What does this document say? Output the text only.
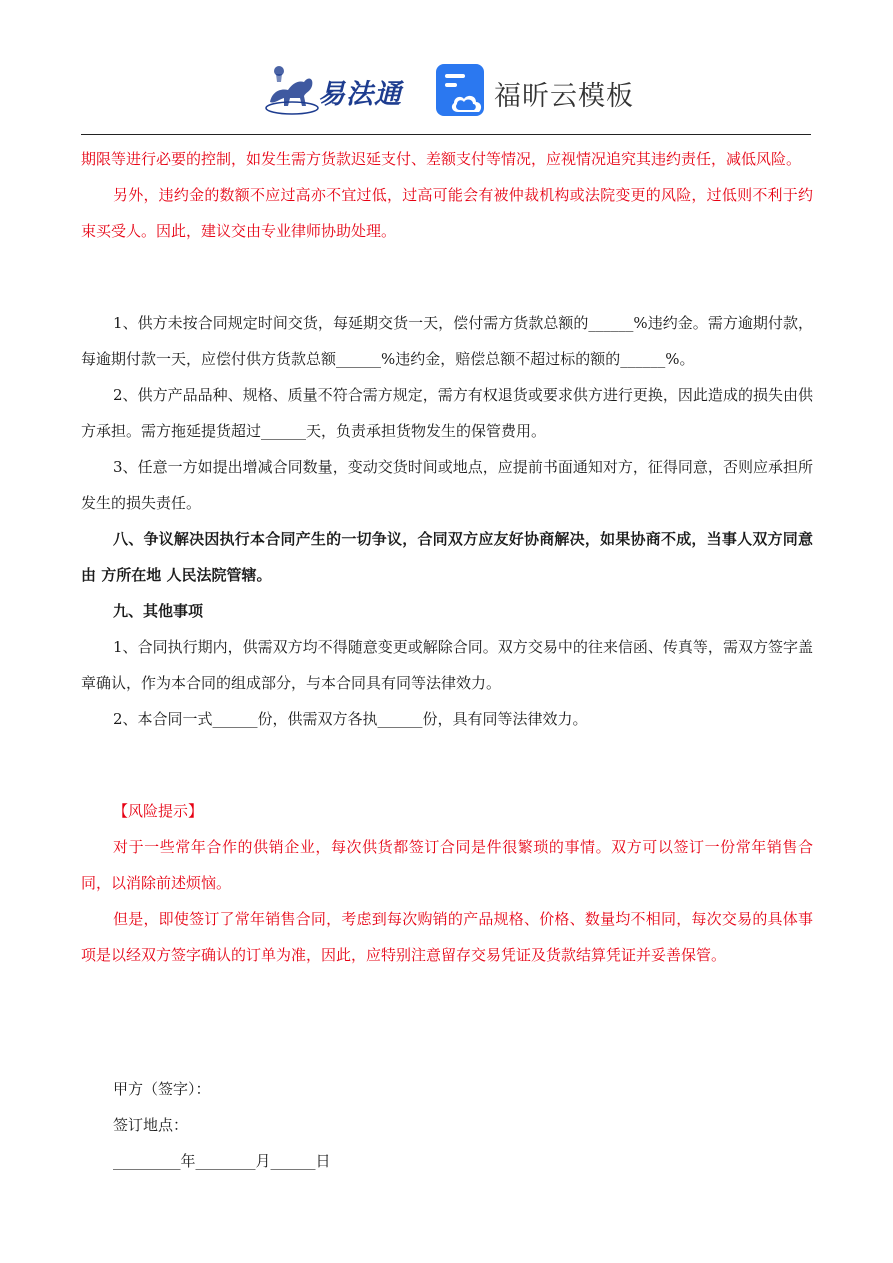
易法通	福昕云模板

期限等进行必要的控制，如发生需方货款迟延支付、差额支付等情况，应视情况追究其违约责任，减低风险。

另外，违约金的数额不应过高亦不宜过低，过高可能会有被仲裁机构或法院变更的风险，过低则不利于约束买受人。因此，建议交由专业律师协助处理。

1、供方未按合同规定时间交货，每延期交货一天，偿付需方货款总额的______%违约金。需方逾期付款，每逾期付款一天，应偿付供方货款总额______%违约金，赔偿总额不超过标的额的______%。

2、供方产品品种、规格、质量不符合需方规定，需方有权退货或要求供方进行更换，因此造成的损失由供方承担。需方拖延提货超过______天，负责承担货物发生的保管费用。

3、任意一方如提出增减合同数量，变动交货时间或地点，应提前书面通知对方，征得同意，否则应承担所发生的损失责任。

八、争议解决因执行本合同产生的一切争议，合同双方应友好协商解决，如果协商不成，当事人双方同意由 方所在地 人民法院管辖。

九、其他事项

1、合同执行期内，供需双方均不得随意变更或解除合同。双方交易中的往来信函、传真等，需双方签字盖章确认，作为本合同的组成部分，与本合同具有同等法律效力。

2、本合同一式______份，供需双方各执______份，具有同等法律效力。

【风险提示】

对于一些常年合作的供销企业，每次供货都签订合同是件很繁琐的事情。双方可以签订一份常年销售合同，以消除前述烦恼。

但是，即使签订了常年销售合同，考虑到每次购销的产品规格、价格、数量均不相同，每次交易的具体事项是以经双方签字确认的订单为准，因此，应特别注意留存交易凭证及货款结算凭证并妥善保管。

甲方（签字）：

签订地点：

_________年________月______日
